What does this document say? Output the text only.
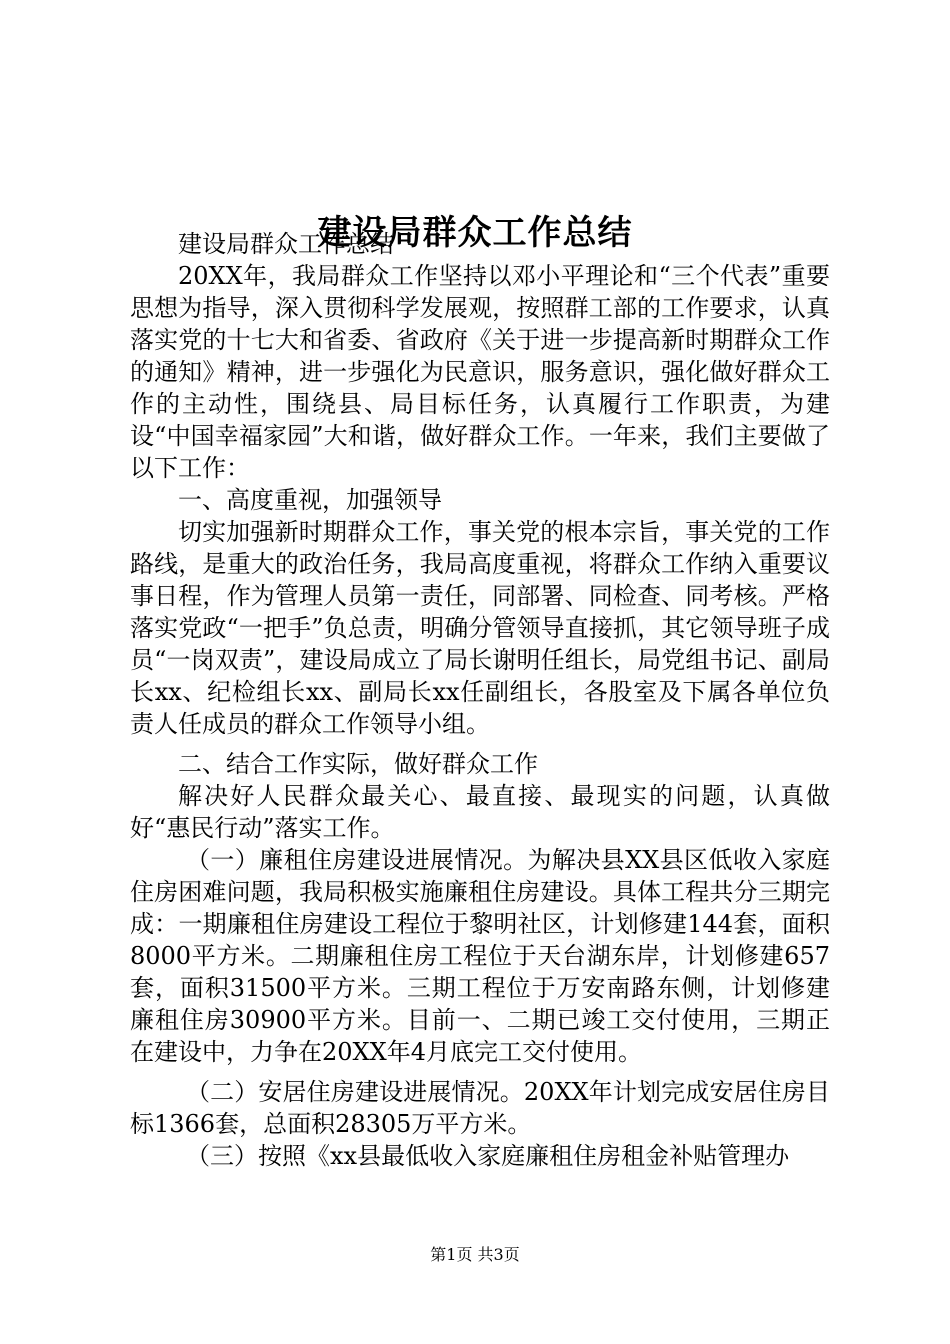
建设局群众工作总结

建设局群众工作总结

20XX年，我局群众工作坚持以邓小平理论和“三个代表”重要思想为指导，深入贯彻科学发展观，按照群工部的工作要求，认真落实党的十七大和省委、省政府《关于进一步提高新时期群众工作的通知》精神，进一步强化为民意识，服务意识，强化做好群众工作的主动性，围绕县、局目标任务，认真履行工作职责，为建设“中国幸福家园”大和谐，做好群众工作。一年来，我们主要做了以下工作：

一、高度重视，加强领导

切实加强新时期群众工作，事关党的根本宗旨，事关党的工作路线，是重大的政治任务，我局高度重视，将群众工作纳入重要议事日程，作为管理人员第一责任，同部署、同检查、同考核。严格落实党政“一把手”负总责，明确分管领导直接抓，其它领导班子成员“一岗双责”，建设局成立了局长谢明任组长，局党组书记、副局长xx、纪检组长xx、副局长xx任副组长，各股室及下属各单位负责人任成员的群众工作领导小组。

二、结合工作实际，做好群众工作

解决好人民群众最关心、最直接、最现实的问题，认真做好“惠民行动”落实工作。

（一）廉租住房建设进展情况。为解决县XX县区低收入家庭住房困难问题，我局积极实施廉租住房建设。具体工程共分三期完成：一期廉租住房建设工程位于黎明社区，计划修建144套，面积8000平方米。二期廉租住房工程位于天台湖东岸，计划修建657套，面积31500平方米。三期工程位于万安南路东侧，计划修建廉租住房30900平方米。目前一、二期已竣工交付使用，三期正在建设中，力争在20XX年4月底完工交付使用。

（二）安居住房建设进展情况。20XX年计划完成安居住房目标1366套，总面积28305万平方米。

（三）按照《xx县最低收入家庭廉租住房租金补贴管理办

第1页 共3页
